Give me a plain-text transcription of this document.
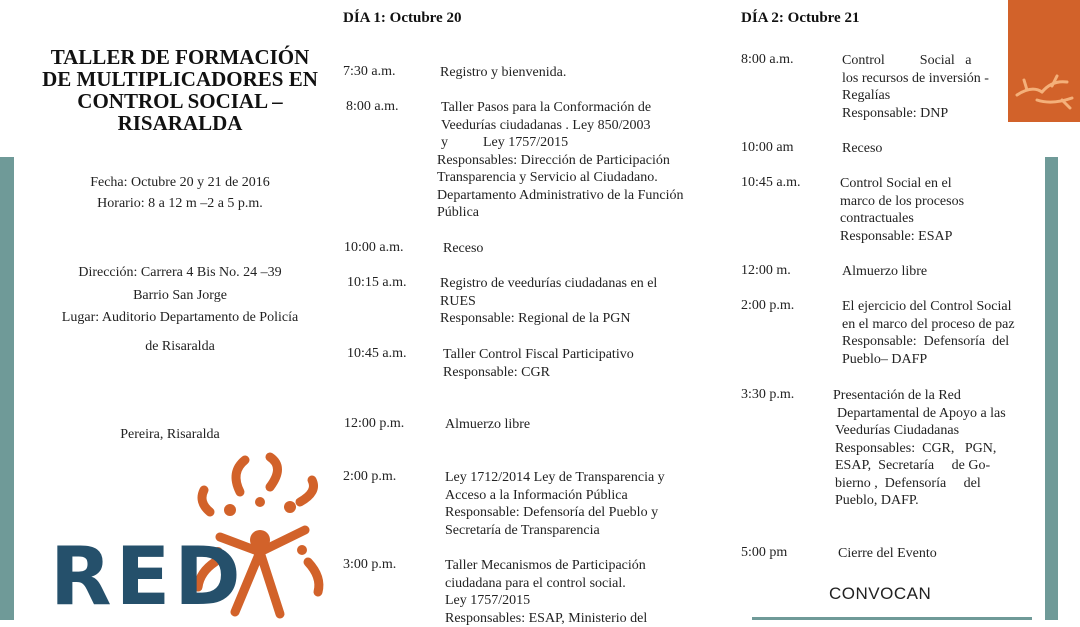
TALLER DE FORMACIÓN
DE MULTIPLICADORES EN
CONTROL SOCIAL –
RISARALDA
Fecha: Octubre 20 y 21 de 2016
Horario: 8 a 12 m –2 a 5 p.m.
Dirección: Carrera 4 Bis No. 24 –39
Barrio San Jorge
Lugar: Auditorio Departamento de Policía
de Risaralda
Pereira, Risaralda
RED
DÍA 1: Octubre 20
7:30 a.m.	Registro y bienvenida.
8:00 a.m.	Taller Pasos para la Conformación de
Veedurías ciudadanas . Ley 850/2003
y          Ley 1757/2015
Responsables: Dirección de Participación
Transparencia y Servicio al Ciudadano.
Departamento Administrativo de la Función
Pública
10:00 a.m.	Receso
10:15 a.m. Registro de veedurías ciudadanas en el
RUES
Responsable: Regional de la PGN
10:45 a.m.	Taller Control Fiscal Participativo
Responsable: CGR
12:00 p.m.	Almuerzo libre
2:00 p.m.	Ley 1712/2014 Ley de Transparencia y
Acceso a la Información Pública
Responsable: Defensoría del Pueblo y
Secretaría de Transparencia
3:00 p.m.	Taller Mecanismos de Participación
ciudadana para el control social.
Ley 1757/2015
Responsables: ESAP, Ministerio del
DÍA 2: Octubre 21
8:00 a.m.	Control          Social   a
los recursos de inversión -
Regalías
Responsable: DNP
10:00 am	Receso
10:45 a.m.	Control Social en el
marco de los procesos
contractuales
Responsable: ESAP
12:00 m.	Almuerzo libre
2:00 p.m.	El ejercicio del Control Social
en el marco del proceso de paz
Responsable:  Defensoría  del
Pueblo– DAFP
3:30 p.m.	Presentación de la Red
Departamental de Apoyo a las
Veedurías Ciudadanas
Responsables:  CGR,   PGN,
ESAP,  Secretaría     de Go-
bierno ,  Defensoría     del
Pueblo, DAFP.
5:00 pm	Cierre del Evento
CONVOCAN
